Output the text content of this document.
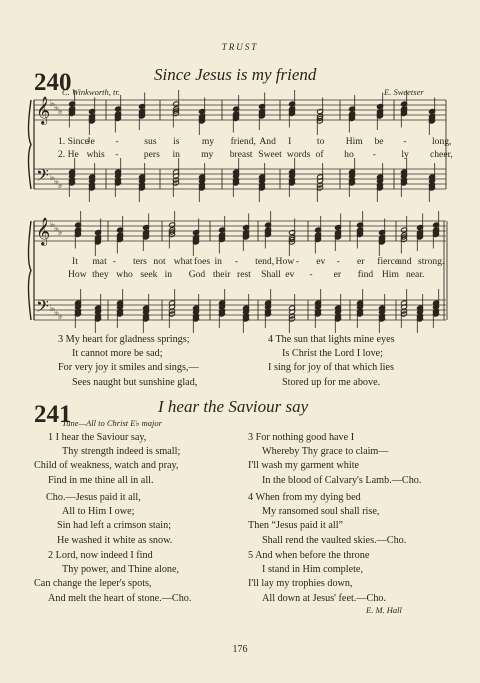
TRUST
240	Since Jesus is my friend
C. Winkworth, tr.	E. Sweetser
𝄞
𝄢
♭
♭
♭
♭
♭
♭
𝄞
𝄢
♭
♭
♭
♭
♭
♭
1. Since
Je -	sus is my friend, And I	to Him be -	long,
2. He whis -	pers in my breast Sweet words of ho -	ly cheer,
It mat - ters not what foes in - tend, How - ev - er fierce
and strong.
How they who seek in God their rest Shall ev - er find Him near.
3 My heart for gladness springs;
It cannot more be sad;
For very joy it smiles and sings,—
Sees naught but sunshine glad,
4 The sun that lights mine eyes
Is Christ the Lord I love;
I sing for joy of that which lies
Stored up for me above.
241	I hear the Saviour say
Tune—All to Christ E♭ major
1 I hear the Saviour say,
Thy strength indeed is small;
Child of weakness, watch and pray,
Find in me thine all in all.
Cho.—Jesus paid it all,
All to Him I owe;
Sin had left a crimson stain;
He washed it white as snow.
2 Lord, now indeed I find
Thy power, and Thine alone,
Can change the leper's spots,
And melt the heart of stone.—Cho.
3 For nothing good have I
Whereby Thy grace to claim—
I'll wash my garment white
In the blood of Calvary's Lamb.—Cho.
4 When from my dying bed
My ransomed soul shall rise,
Then “Jesus paid it all”
Shall rend the vaulted skies.—Cho.
5 And when before the throne
I stand in Him complete,
I'll lay my trophies down,
All down at Jesus' feet.—Cho.
E. M. Hall
176
